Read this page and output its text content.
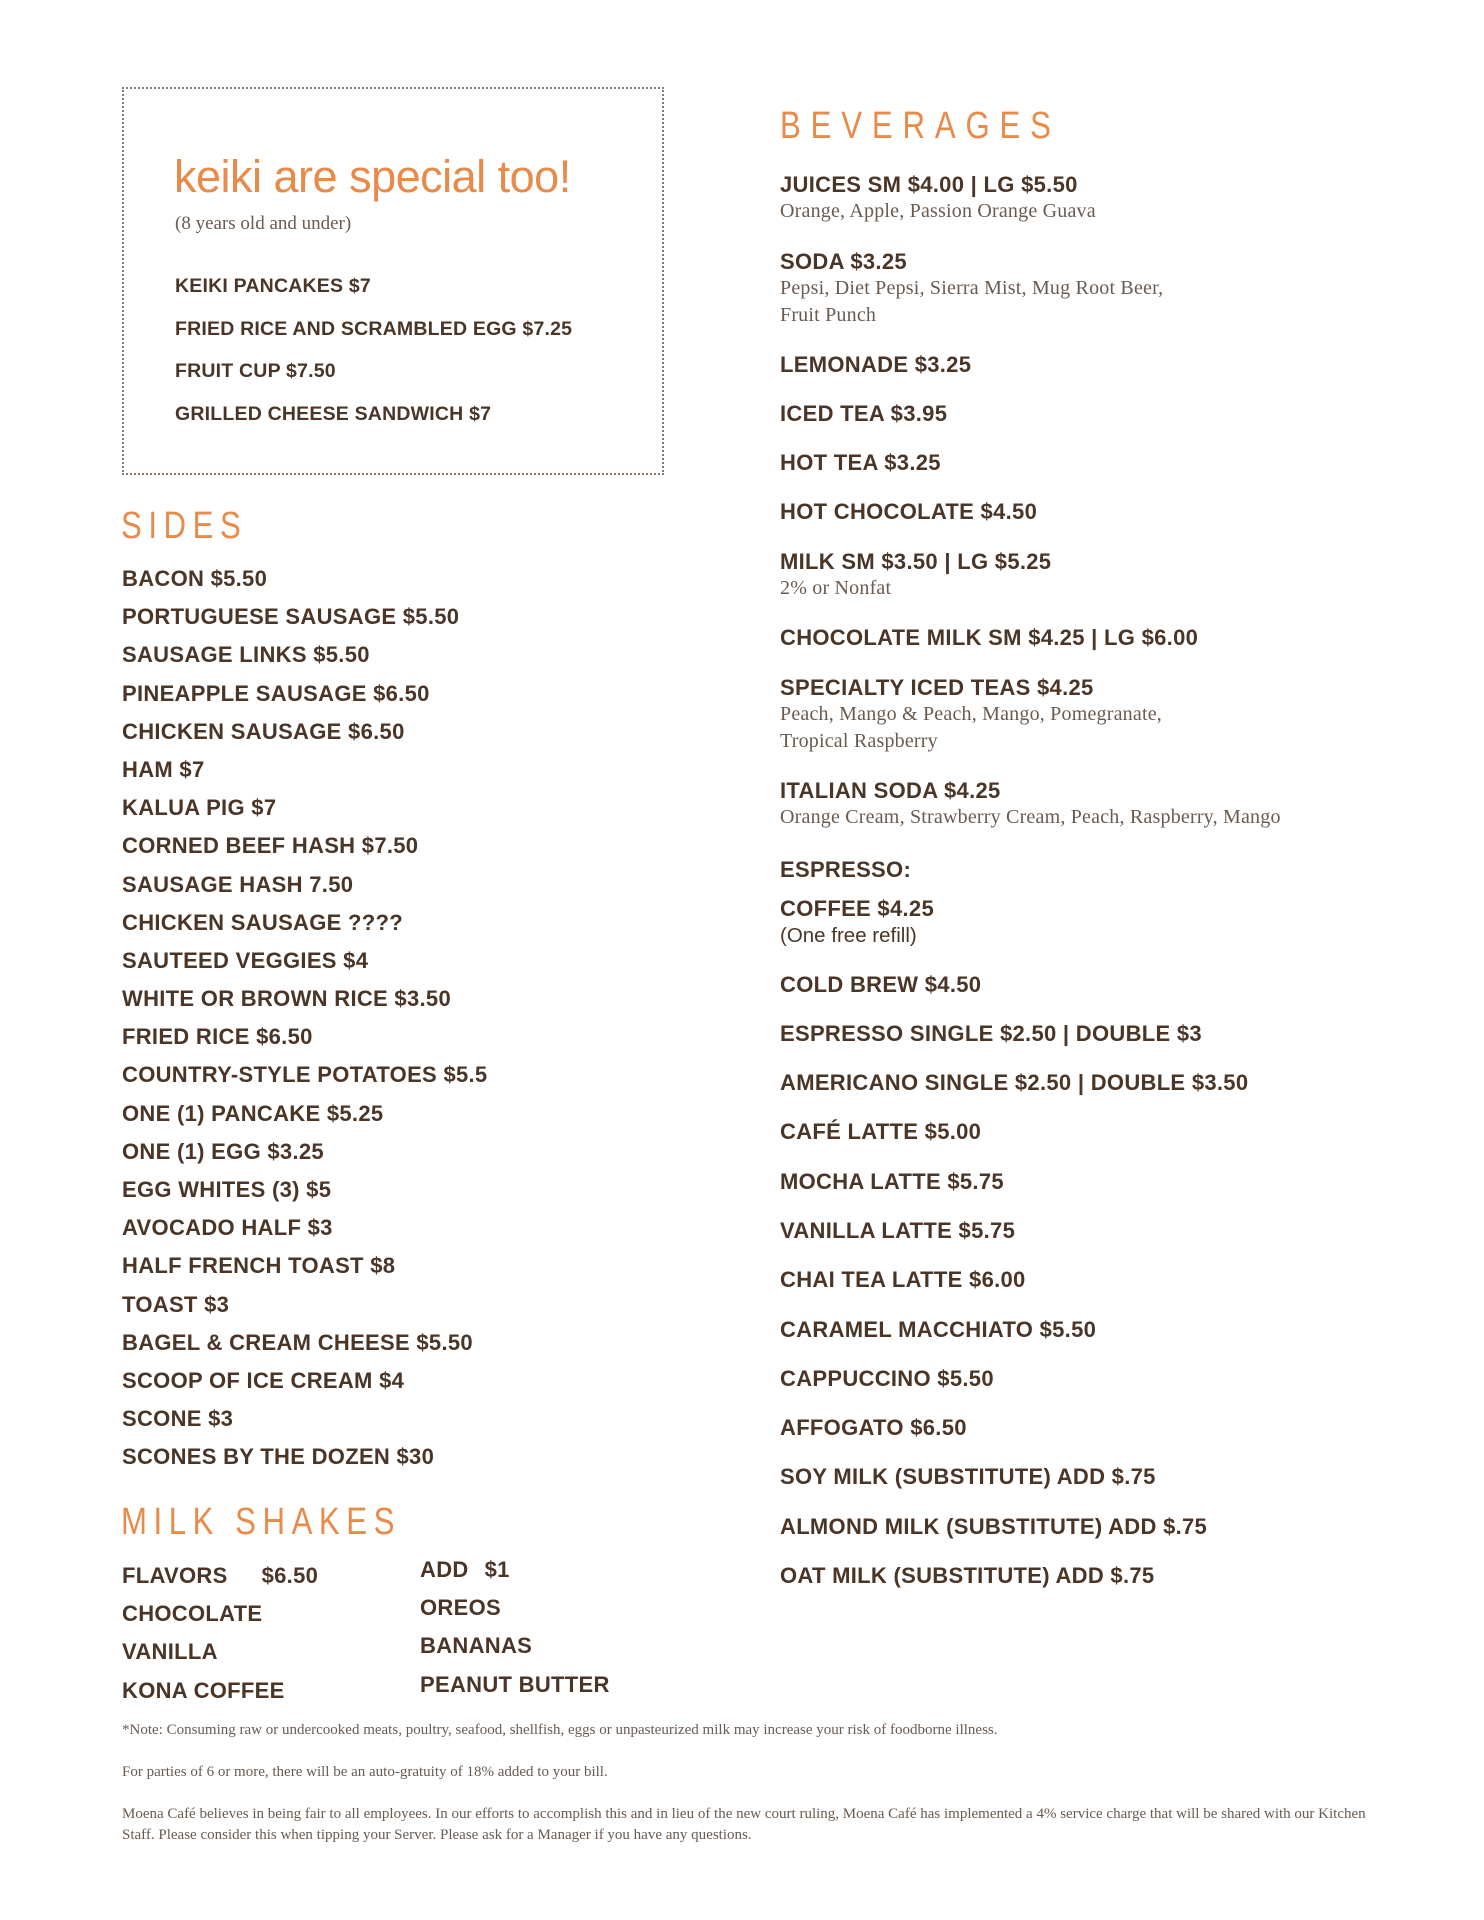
keiki are special too!
(8 years old and under)
KEIKI PANCAKES $7
FRIED RICE AND SCRAMBLED EGG $7.25
FRUIT CUP $7.50
GRILLED CHEESE SANDWICH $7
SIDES
BACON $5.50
PORTUGUESE SAUSAGE $5.50
SAUSAGE LINKS $5.50
PINEAPPLE SAUSAGE $6.50
CHICKEN SAUSAGE $6.50
HAM $7
KALUA PIG $7
CORNED BEEF HASH $7.50
SAUSAGE HASH 7.50
CHICKEN SAUSAGE ????
SAUTEED VEGGIES $4
WHITE OR BROWN RICE $3.50
FRIED RICE $6.50
COUNTRY-STYLE POTATOES $5.5
ONE (1) PANCAKE $5.25
ONE (1) EGG $3.25
EGG WHITES (3) $5
AVOCADO HALF $3
HALF FRENCH TOAST $8
TOAST $3
BAGEL & CREAM CHEESE $5.50
SCOOP OF ICE CREAM $4
SCONE $3
SCONES BY THE DOZEN $30
MILK SHAKES
FLAVORS $6.50
CHOCOLATE
VANILLA
KONA COFFEE
ADD $1
OREOS
BANANAS
PEANUT BUTTER
BEVERAGES
JUICES SM $4.00 | LG $5.50
Orange, Apple, Passion Orange Guava
SODA $3.25
Pepsi, Diet Pepsi, Sierra Mist, Mug Root Beer,
Fruit Punch
LEMONADE $3.25
ICED TEA $3.95
HOT TEA $3.25
HOT CHOCOLATE $4.50
MILK SM $3.50 | LG $5.25
2% or Nonfat
CHOCOLATE MILK SM $4.25 | LG $6.00
SPECIALTY ICED TEAS $4.25
Peach, Mango & Peach, Mango, Pomegranate,
Tropical Raspberry
ITALIAN SODA $4.25
Orange Cream, Strawberry Cream, Peach, Raspberry, Mango
ESPRESSO:
COFFEE $4.25
(One free refill)
COLD BREW $4.50
ESPRESSO SINGLE $2.50 | DOUBLE $3
AMERICANO SINGLE $2.50 | DOUBLE $3.50
CAFÉ LATTE $5.00
MOCHA LATTE $5.75
VANILLA LATTE $5.75
CHAI TEA LATTE $6.00
CARAMEL MACCHIATO $5.50
CAPPUCCINO $5.50
AFFOGATO $6.50
SOY MILK (SUBSTITUTE) ADD $.75
ALMOND MILK (SUBSTITUTE) ADD $.75
OAT MILK (SUBSTITUTE) ADD $.75

*Note: Consuming raw or undercooked meats, poultry, seafood, shellfish, eggs or unpasteurized milk may increase your risk of foodborne illness.

For parties of 6 or more, there will be an auto-gratuity of 18% added to your bill.

Moena Café believes in being fair to all employees. In our efforts to accomplish this and in lieu of the new court ruling, Moena Café has implemented a 4% service charge that will be shared with our Kitchen Staff. Please consider this when tipping your Server. Please ask for a Manager if you have any questions.
